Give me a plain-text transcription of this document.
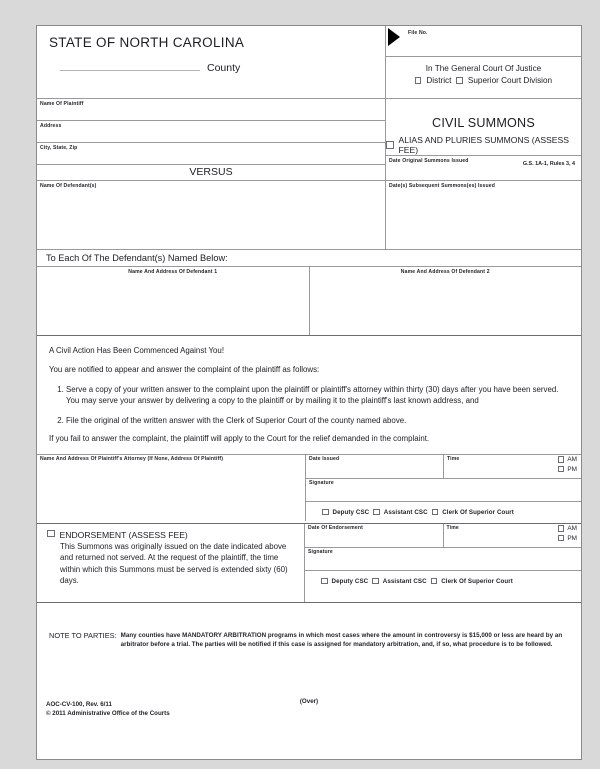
STATE OF NORTH CAROLINA
County
File No.
In The General Court Of Justice
District Superior Court Division
Name Of Plaintiff
Address
City, State, Zip
VERSUS
Name Of Defendant(s)
CIVIL SUMMONS
ALIAS AND PLURIES SUMMONS (ASSESS FEE)
G.S. 1A-1, Rules 3, 4
Date Original Summons Issued
Date(s) Subsequent Summons(es) Issued
To Each Of The Defendant(s) Named Below:
Name And Address Of Defendant 1	Name And Address Of Defendant 2

A Civil Action Has Been Commenced Against You!

You are notified to appear and answer the complaint of the plaintiff as follows:

1. Serve a copy of your written answer to the complaint upon the plaintiff or plaintiff's attorney within thirty (30) days after you have been served. You may serve your answer by delivering a copy to the plaintiff or by mailing it to the plaintiff's last known address, and
2. File the original of the written answer with the Clerk of Superior Court of the county named above.

If you fail to answer the complaint, the plaintiff will apply to the Court for the relief demanded in the complaint.

Name And Address Of Plaintiff's Attorney (If None, Address Of Plaintiff)	Date Issued	Time	AM
PM
Signature
Deputy CSC Assistant CSC Clerk Of Superior Court
ENDORSEMENT (ASSESS FEE)
This Summons was originally issued on the date indicated above and returned not served. At the request of the plaintiff, the time within which this Summons must be served is extended sixty (60) days.
Date Of Endorsement	Time	AM
PM
Signature
Deputy CSC Assistant CSC Clerk Of Superior Court
NOTE TO PARTIES: Many counties have MANDATORY ARBITRATION programs in which most cases where the amount in controversy is $15,000 or less are heard by an arbitrator before a trial. The parties will be notified if this case is assigned for mandatory arbitration, and, if so, what procedure is to be followed.
(Over)
AOC-CV-100, Rev. 6/11
© 2011 Administrative Office of the Courts
